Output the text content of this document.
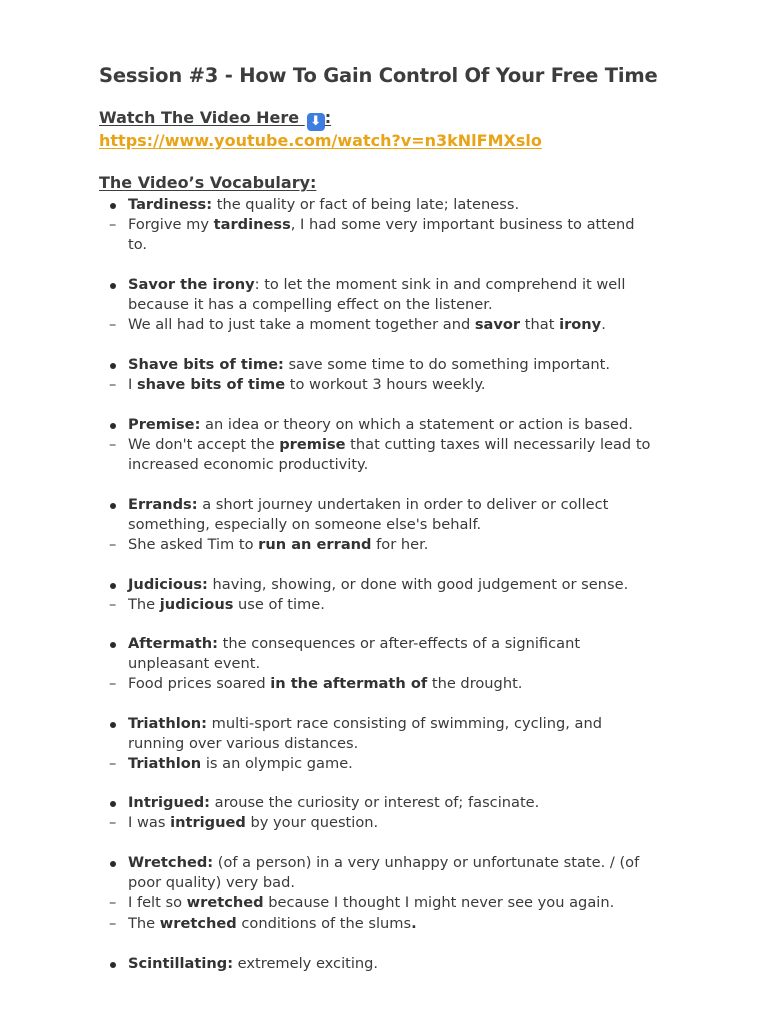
Session #3 - How To Gain Control Of Your Free Time
Watch The Video Here ⬇ :
https://www.youtube.com/watch?v=n3kNlFMXslo
The Video’s Vocabulary:
Tardiness: the quality or fact of being late; lateness.
– Forgive my tardiness, I had some very important business to attend
to.
Savor the irony: to let the moment sink in and comprehend it well
because it has a compelling effect on the listener.
– We all had to just take a moment together and savor that irony.
Shave bits of time: save some time to do something important.
– I shave bits of time to workout 3 hours weekly.
Premise: an idea or theory on which a statement or action is based.
– We don't accept the premise that cutting taxes will necessarily lead to
increased economic productivity.
Errands: a short journey undertaken in order to deliver or collect
something, especially on someone else's behalf.
– She asked Tim to run an errand for her.
Judicious: having, showing, or done with good judgement or sense.
– The judicious use of time.
Aftermath: the consequences or after-effects of a significant
unpleasant event.
– Food prices soared in the aftermath of the drought.
Triathlon: multi-sport race consisting of swimming, cycling, and
running over various distances.
– Triathlon is an olympic game.
Intrigued: arouse the curiosity or interest of; fascinate.
– I was intrigued by your question.
Wretched: (of a person) in a very unhappy or unfortunate state. / (of
poor quality) very bad.
– I felt so wretched because I thought I might never see you again.
– The wretched conditions of the slums.
Scintillating: extremely exciting.
